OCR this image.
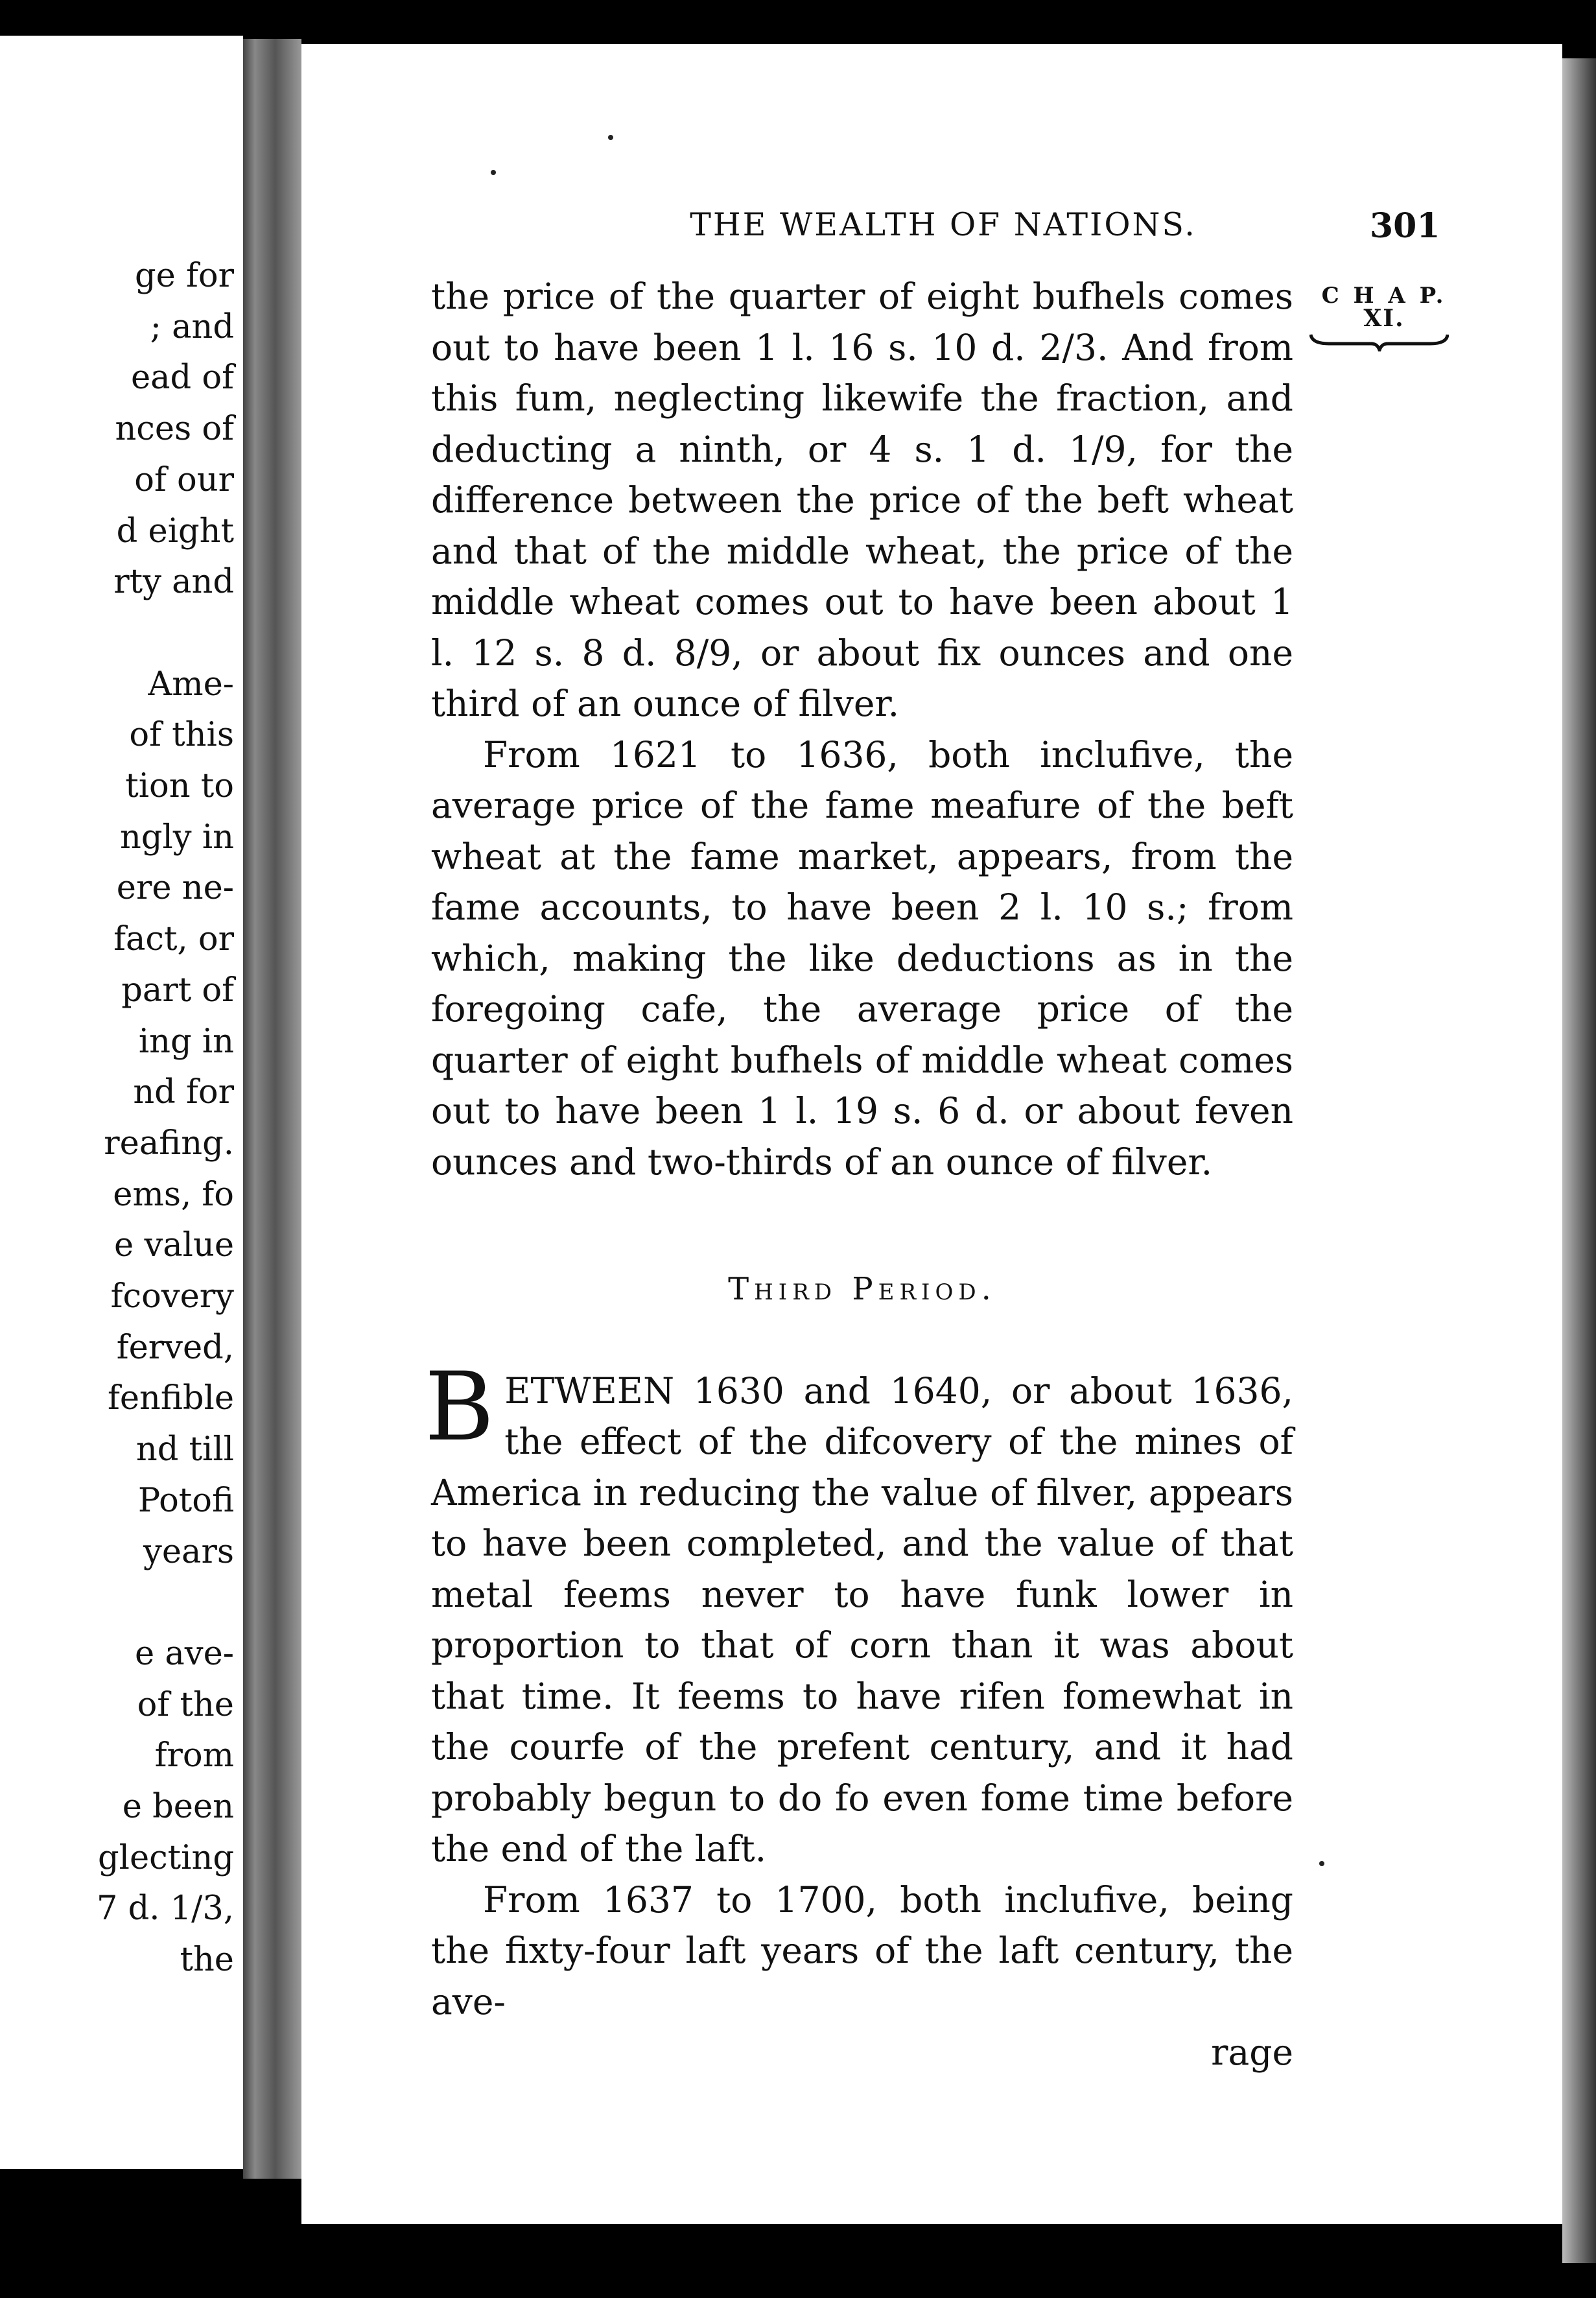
ge for
; and
ead of
nces of
of our
d eight
rty and
Ame-
of this
tion to
ngly in
ere ne-
fact, or
part of
ing in
nd for
reafing.
ems, fo
e value
fcovery
ferved,
fenfible
nd till
Potofi
years
e ave-
of the
from
e been
glecting
7 d. 1/3,
the
THE WEALTH OF NATIONS.	301
C H A P.
XI.

the price of the quarter of eight bufhels comes out to have been 1 l. 16 s. 10 d. 2/3. And from this fum, neglecting likewife the fraction, and deducting a ninth, or 4 s. 1 d. 1/9, for the difference between the price of the beft wheat and that of the middle wheat, the price of the middle wheat comes out to have been about 1 l. 12 s. 8 d. 8/9, or about fix ounces and one third of an ounce of filver.

From 1621 to 1636, both inclufive, the average price of the fame meafure of the beft wheat at the fame market, appears, from the fame accounts, to have been 2 l. 10 s.; from which, making the like deductions as in the foregoing cafe, the average price of the quarter of eight bufhels of middle wheat comes out to have been 1 l. 19 s. 6 d. or about feven ounces and two-thirds of an ounce of filver.

Third Period.

BETWEEN 1630 and 1640, or about 1636, the effect of the difcovery of the mines of America in reducing the value of filver, appears to have been completed, and the value of that metal feems never to have funk lower in proportion to that of corn than it was about that time. It feems to have rifen fomewhat in the courfe of the prefent century, and it had probably begun to do fo even fome time before the end of the laft.

From 1637 to 1700, both inclufive, being the fixty-four laft years of the laft century, the ave-

rage
